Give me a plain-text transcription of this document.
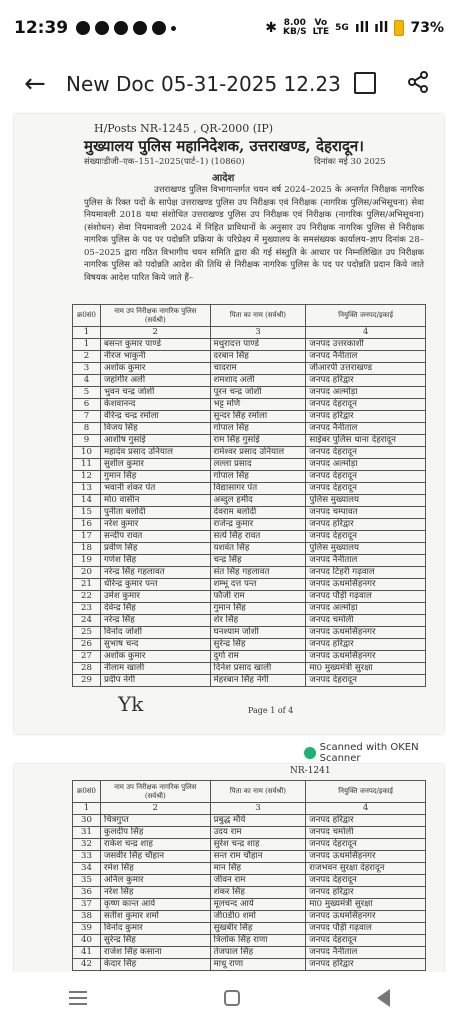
12:39	✱ 8.00
KB/S
Vo
LTE 5G ıll ıll 73%
← New Doc 05-31-2025 12.23
H/Posts NR-1245 , QR-2000 (IP)
मुख्यालय पुलिस महानिदेशक, उत्तराखण्ड, देहरादून।
संख्याःडीजी–एक–151–2025(पार्ट–1) (10860)	दिनांकः मई 30 2025
आदेश
उत्तराखण्ड पुलिस विभागान्तर्गत चयन वर्ष 2024–2025 के अन्तर्गत निरीक्षक नागरिक पुलिस के रिक्त पदों के सापेक्ष उत्तराखण्ड पुलिस उप निरीक्षक एवं निरीक्षक (नागरिक पुलिस/अभिसूचना) सेवा नियमावली 2018 यथा संशोधित उत्तराखण्ड पुलिस उप निरीक्षक एवं निरीक्षक (नागरिक पुलिस/अभिसूचना) (संशोधन) सेवा नियमावली 2024 में निहित प्राविधानों के अनुसार उप निरीक्षक नागरिक पुलिस से निरीक्षक नागरिक पुलिस के पद पर पदोन्नति प्रक्रिया के परिप्रेक्ष्य में मुख्यालय के समसंख्यक कार्यालय–ज्ञाप दिनांक 28–05–2025 द्वारा गठित विभागीय चयन समिति द्वारा की गई संस्तुति के आधार पर निम्नलिखित उप निरीक्षक नागरिक पुलिस को पदोन्नति आदेश की तिथि से निरीक्षक नागरिक पुलिस के पद पर पदोन्नति प्रदान किये जाते विषयक आदेश पारित किये जाते हैं–
क्र0सं0	नाम उप निरीक्षक नागरिक पुलिस (सर्वश्री)	पिता का नाम (सर्वश्री)	नियुक्ति जनपद/इकाई
1	2	3	4
1	बसन्त कुमार पाण्डे	मथुरादत्त पाण्डे	जनपद उत्तरकाशी
2	नीरज भाकुनी	दरबान सिंह	जनपद नैनीताल
3	अशोक कुमार	चादराम	जीआरपी उत्तराखण्ड
4	जहांगीर अली	शमशाद अली	जनपद हरिद्वार
5	भुवन चन्द्र जोशी	पूरन चन्द्र जोशी	जनपद अल्मोड़ा
6	केशवानन्द	भट्ट मणि	जनपद देहरादून
7	वीरेन्द्र चन्द्र रमोला	सुन्दर सिंह रमोला	जनपद हरिद्वार
8	विजय सिंह	गोपाल सिंह	जनपद नैनीताल
9	आशीष गुसांई	राम सिंह गुसांई	साईबर पुलिस थाना देहरादून
10	महादेव प्रसाद उनियाल	रामेश्वर प्रसाद उनियाल	जनपद देहरादून
11	सुशील कुमार	लल्ला प्रसाद	जनपद अल्मोड़ा
12	गुमान सिंह	गोपाल सिंह	जनपद देहरादून
13	भवानी शंकर पंत	विद्यासागर पंत	जनपद देहरादून
14	मो0 वासीन	अब्दुल हमीद	पुलिस मुख्यालय
15	पुनीता बलोदी	देवराम बलोदी	जनपद चम्पावत
16	नरेश कुमार	राजेन्द्र कुमार	जनपद हरिद्वार
17	सन्दीप रावत	सत्ये सिंह रावत	जनपद देहरादून
18	प्रवीण सिंह	यशवंत सिंह	पुलिस मुख्यालय
19	गणेश सिंह	चन्द्र सिंह	जनपद नैनीताल
20	नरेन्द्र सिंह गहलावत	संत सिंह गहलावत	जनपद टिहरी गढ़वाल
21	धीरेन्द्र कुमार पन्त	शम्भू दत्त पन्त	जनपद ऊधमसिंहनगर
22	उमेश कुमार	फौजी राम	जनपद पौड़ी गढ़वाल
23	देवेन्द्र सिंह	गुमान सिंह	जनपद अल्मोड़ा
24	नरेन्द्र सिंह	शेर सिंह	जनपद चमोली
25	विनोद जोशी	घनश्याम जोशी	जनपद ऊधमसिंहनगर
26	सुभाष चन्द	सुरेन्द्र सिंह	जनपद हरिद्वार
27	अशोक कुमार	दुर्गा राम	जनपद ऊधमसिंहनगर
28	नीलाम खाली	दिनेश प्रसाद खाली	मा0 मुख्यमंत्री सुरक्षा
29	प्रदीप नेगी	मेहरबान सिंह नेगी	जनपद देहरादून
Yk	Page 1 of 4
Scanned with OKEN Scanner
NR-1241
क्र0सं0	नाम उप निरीक्षक नागरिक पुलिस (सर्वश्री)	पिता का नाम (सर्वश्री)	नियुक्ति जनपद/इकाई
1	2	3	4
30	चित्रगुप्त	प्रबुद्ध मौर्य	जनपद हरिद्वार
31	कुलदीप सिंह	उदय राम	जनपद चमोली
32	राकेश चन्द्र शाह	सुरेश चन्द्र शाह	जनपद देहरादून
33	जसवीर सिंह चौहान	सन्त राम चौहान	जनपद ऊधमसिंहनगर
34	रमेश सिंह	मान सिंह	राजभवन सुरक्षा देहरादून
35	अनिल कुमार	जीवन राम	जनपद देहरादून
36	नरेश सिंह	शंकर सिंह	जनपद हरिद्वार
37	कृष्ण कान्त आर्य	मूलचन्द आर्य	मा0 मुख्यमंत्री सुरक्षा
38	सतीश कुमार शर्मा	जी0डी0 शर्मा	जनपद ऊधमसिंहनगर
39	विनोद कुमार	सुखबीर सिंह	जनपद पौड़ी गढ़वाल
40	सुरेन्द्र सिंह	त्रिलोक सिंह राणा	जनपद देहरादून
41	राजेश सिंह कसाना	तेजपाल सिंह	जनपद नैनीताल
42	केदार सिंह	माधू राणा	जनपद हरिद्वार
